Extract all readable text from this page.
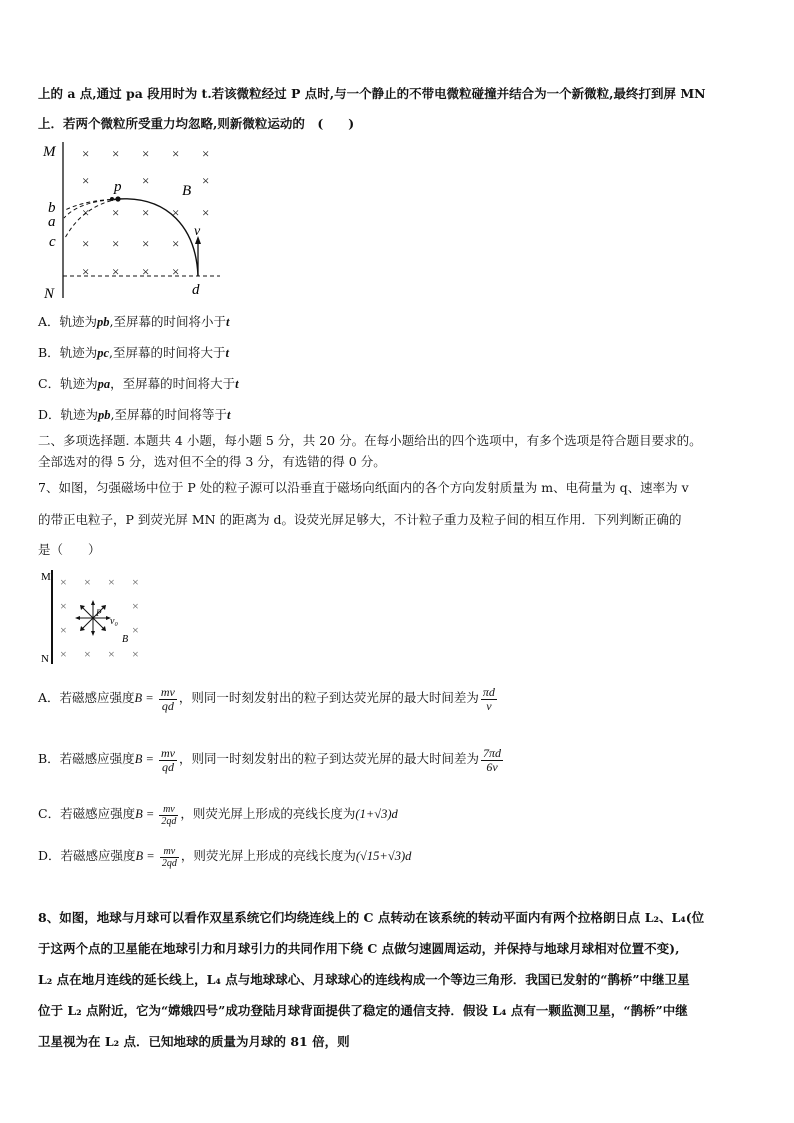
上的 a 点,通过 pa 段用时为 t.若该微粒经过 P 点时,与一个静止的不带电微粒碰撞并结合为一个新微粒,最终打到屏 MN
上．若两个微粒所受重力均忽略,则新微粒运动的　(　　)
M
N
b
a
c
× × × × ×
×	×	×
× × × × ×
× × × ×
× × × ×
p	B
v
d
A．轨迹为pb,至屏幕的时间将小于t
B．轨迹为pc,至屏幕的时间将大于t
C．轨迹为pa，至屏幕的时间将大于t
D．轨迹为pb,至屏幕的时间将等于t
二、多项选择题. 本题共 4 小题，每小题 5 分，共 20 分。在每小题给出的四个选项中，有多个选项是符合题目要求的。
全部选对的得 5 分，选对但不全的得 3 分，有选错的得 0 分。
7、如图，匀强磁场中位于 P 处的粒子源可以沿垂直于磁场向纸面内的各个方向发射质量为 m、电荷量为 q、速率为 v
的带正电粒子，P 到荧光屏 MN 的距离为 d。设荧光屏足够大，不计粒子重力及粒子间的相互作用．下列判断正确的
是（　　）
M
N
× × × ×
×	×
×	×
× × × ×
P
v₀
B
A．若磁感应强度$B = \frac{mv}{qd}$ ，则同一时刻发射出的粒子到达荧光屏的最大时间差为 $\frac{\pi d}{v}$
B．若磁感应强度$B = \frac{mv}{qd}$ ，则同一时刻发射出的粒子到达荧光屏的最大时间差为 $\frac{7\pi d}{6v}$
C．若磁感应强度$B = \frac{mv}{2qd}$ ，则荧光屏上形成的亮线长度为(1+√3)d
D．若磁感应强度$B = \frac{mv}{2qd}$ ，则荧光屏上形成的亮线长度为(√15+√3)d
8、如图，地球与月球可以看作双星系统它们均绕连线上的 C 点转动在该系统的转动平面内有两个拉格朗日点 L₂、L₄(位
于这两个点的卫星能在地球引力和月球引力的共同作用下绕 C 点做匀速圆周运动，并保持与地球月球相对位置不变),
L₂ 点在地月连线的延长线上，L₄ 点与地球球心、月球球心的连线构成一个等边三角形．我国已发射的“鹊桥”中继卫星
位于 L₂ 点附近，它为“嫦娥四号”成功登陆月球背面提供了稳定的通信支持．假设 L₄ 点有一颗监测卫星，“鹊桥”中继
卫星视为在 L₂ 点．已知地球的质量为月球的 81 倍，则
